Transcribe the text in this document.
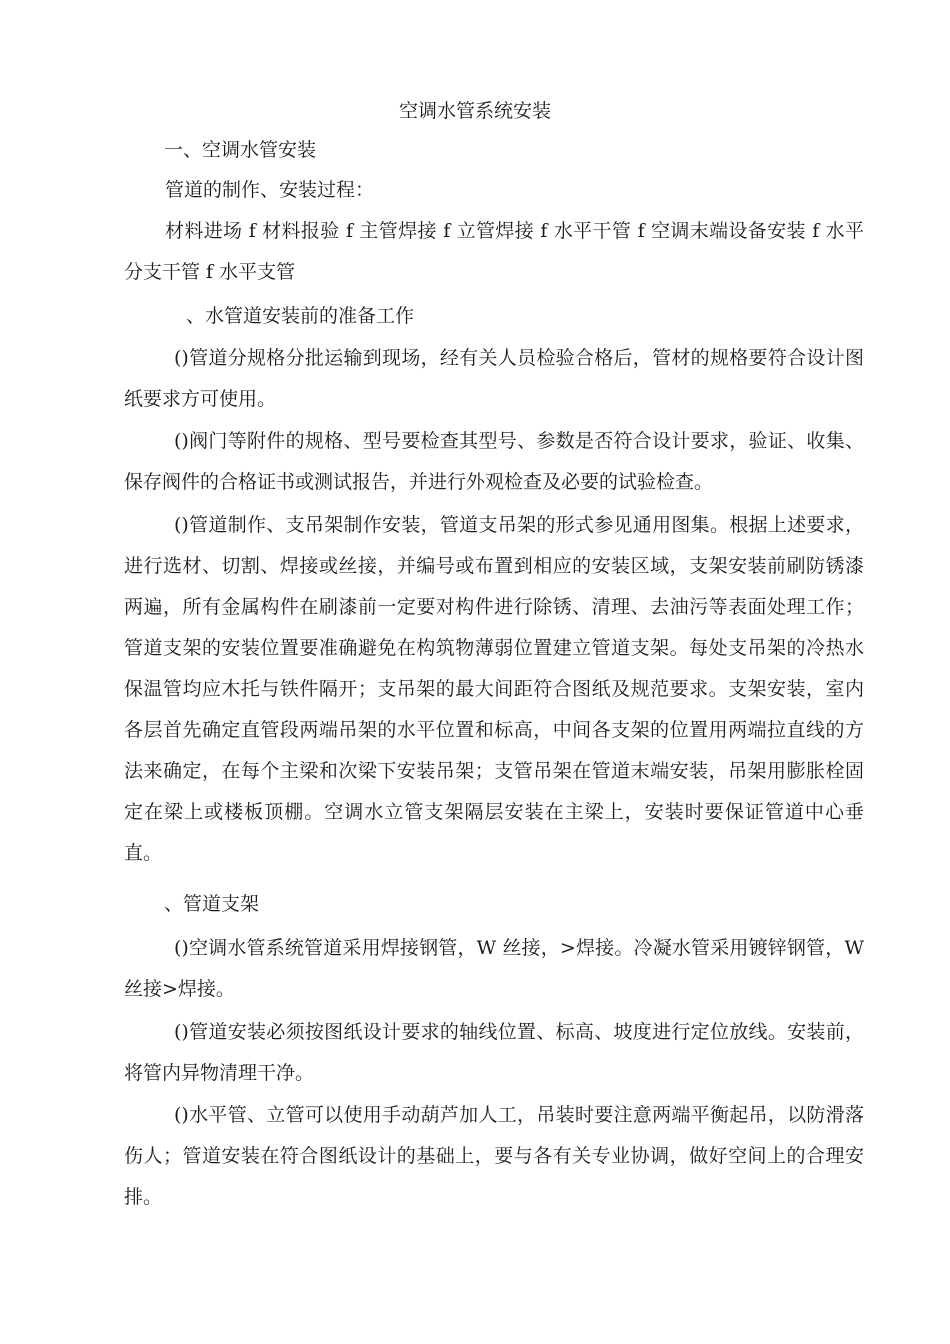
空调水管系统安装

一、空调水管安装

管道的制作、安装过程：

材料进场 f 材料报验 f 主管焊接 f 立管焊接 f 水平干管 f 空调末端设备安装 f 水平分支干管 f 水平支管

、水管道安装前的准备工作

()管道分规格分批运输到现场，经有关人员检验合格后，管材的规格要符合设计图纸要求方可使用。

()阀门等附件的规格、型号要检查其型号、参数是否符合设计要求，验证、收集、保存阀件的合格证书或测试报告，并进行外观检查及必要的试验检查。

()管道制作、支吊架制作安装，管道支吊架的形式参见通用图集。根据上述要求，进行选材、切割、焊接或丝接，并编号或布置到相应的安装区域，支架安装前刷防锈漆两遍，所有金属构件在刷漆前一定要对构件进行除锈、清理、去油污等表面处理工作；管道支架的安装位置要准确避免在构筑物薄弱位置建立管道支架。每处支吊架的冷热水保温管均应木托与铁件隔开；支吊架的最大间距符合图纸及规范要求。支架安装，室内各层首先确定直管段两端吊架的水平位置和标高，中间各支架的位置用两端拉直线的方法来确定，在每个主梁和次梁下安装吊架；支管吊架在管道末端安装，吊架用膨胀栓固定在梁上或楼板顶棚。空调水立管支架隔层安装在主梁上，安装时要保证管道中心垂直。

、管道支架

()空调水管系统管道采用焊接钢管，W 丝接，>焊接。冷凝水管采用镀锌钢管，W 丝接>焊接。

()管道安装必须按图纸设计要求的轴线位置、标高、坡度进行定位放线。安装前，将管内异物清理干净。

()水平管、立管可以使用手动葫芦加人工，吊装时要注意两端平衡起吊，以防滑落伤人；管道安装在符合图纸设计的基础上，要与各有关专业协调，做好空间上的合理安排。
